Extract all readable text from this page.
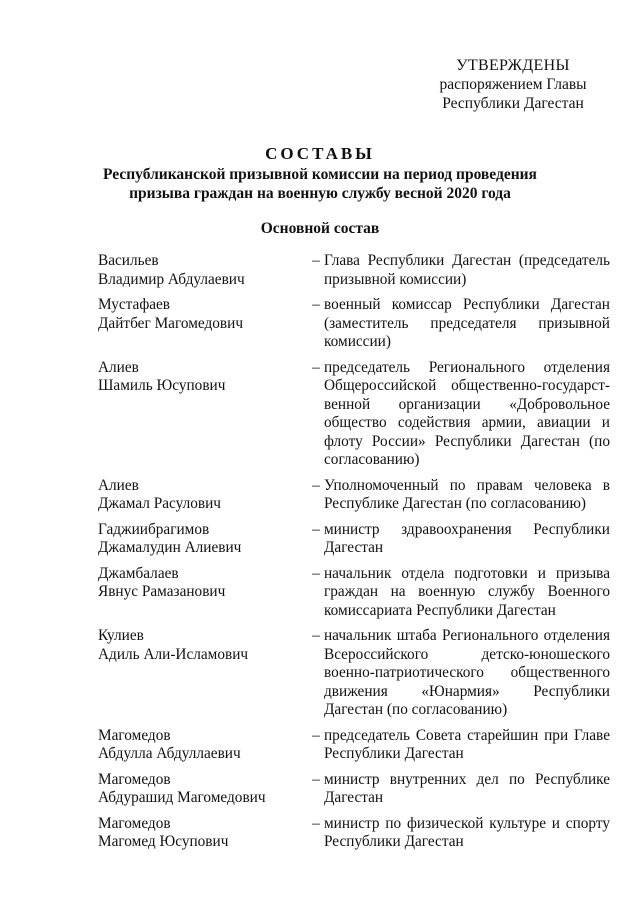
УТВЕРЖДЕНЫ
распоряжением Главы
Республики Дагестан
СОСТАВЫ
Республиканской призывной комиссии на период проведения
призыва граждан на военную службу весной 2020 года
Основной состав
Васильев
Владимир Абдулаевич
– Глава Республики Дагестан (председатель призывной комиссии)
Мустафаев
Дайтбег Магомедович
– военный комиссар Республики Дагестан (заместитель председателя призывной комиссии)
Алиев
Шамиль Юсупович
– председатель Регионального отделения Общероссийской общественно-государственной организации «Добровольное общество содействия армии, авиации и флоту России» Республики Дагестан (по согласованию)
Алиев
Джамал Расулович
– Уполномоченный по правам человека в Республике Дагестан (по согласованию)
Гаджиибрагимов
Джамалудин Алиевич
– министр здравоохранения Республики Дагестан
Джамбалаев
Явнус Рамазанович
– начальник отдела подготовки и призыва граждан на военную службу Военного комиссариата Республики Дагестан
Кулиев
Адиль Али-Исламович
– начальник штаба Регионального отделения Всероссийского детско-юношеского военно-патриотического общественного движения «Юнармия» Республики Дагестан (по согласованию)
Магомедов
Абдулла Абдуллаевич
– председатель Совета старейшин при Главе Республики Дагестан
Магомедов
Абдурашид Магомедович
– министр внутренних дел по Республике Дагестан
Магомедов
Магомед Юсупович
– министр по физической культуре и спорту Республики Дагестан
